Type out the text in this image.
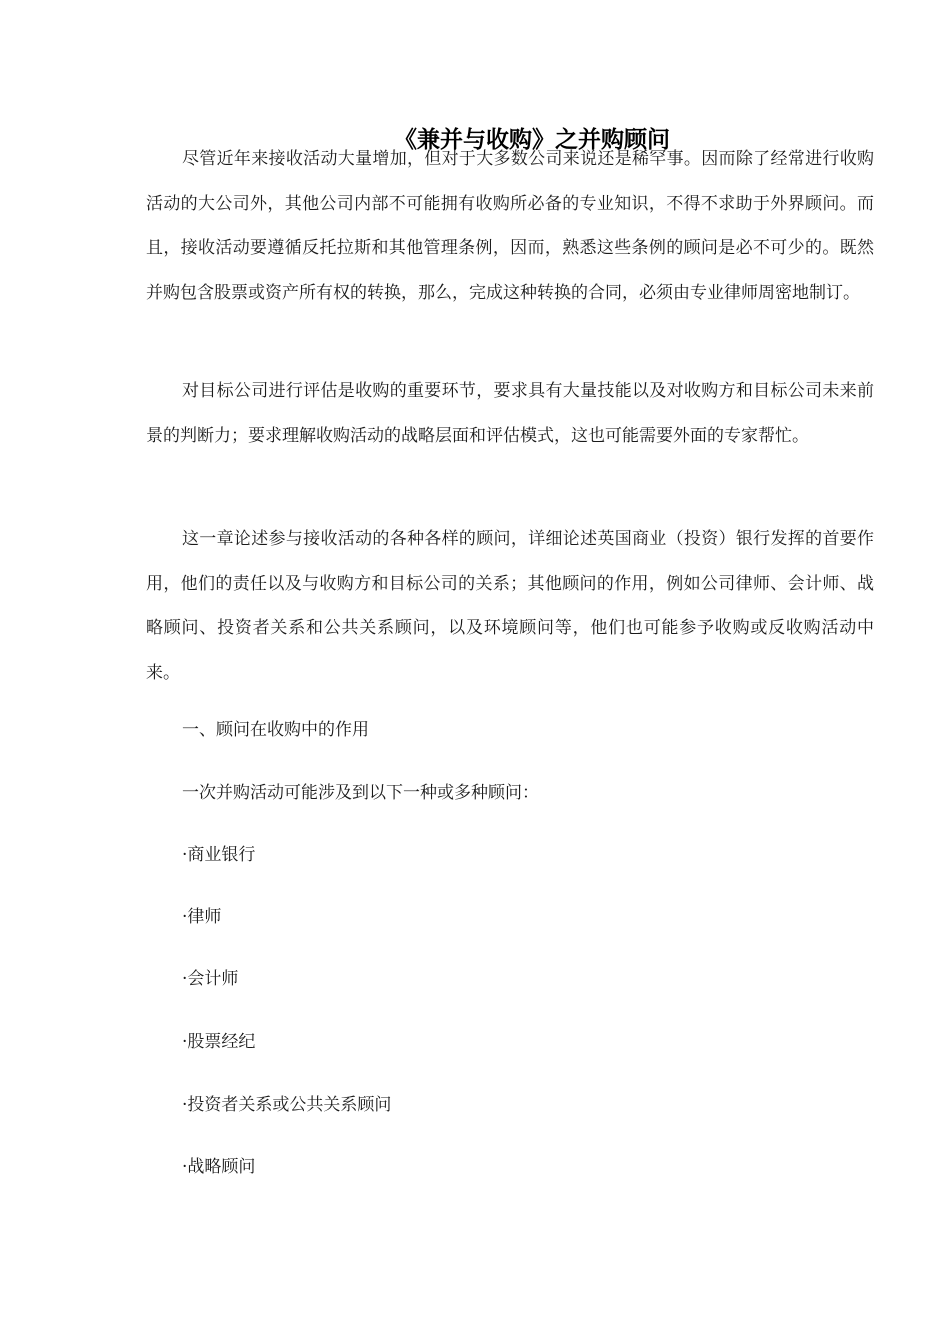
《兼并与收购》之并购顾问

尽管近年来接收活动大量增加，但对于大多数公司来说还是稀罕事。因而除了经常进行收购活动的大公司外，其他公司内部不可能拥有收购所必备的专业知识，不得不求助于外界顾问。而且，接收活动要遵循反托拉斯和其他管理条例，因而，熟悉这些条例的顾问是必不可少的。既然并购包含股票或资产所有权的转换，那么，完成这种转换的合同，必须由专业律师周密地制订。

对目标公司进行评估是收购的重要环节，要求具有大量技能以及对收购方和目标公司未来前景的判断力；要求理解收购活动的战略层面和评估模式，这也可能需要外面的专家帮忙。

这一章论述参与接收活动的各种各样的顾问，详细论述英国商业（投资）银行发挥的首要作用，他们的责任以及与收购方和目标公司的关系；其他顾问的作用，例如公司律师、会计师、战略顾问、投资者关系和公共关系顾问，以及环境顾问等，他们也可能参予收购或反收购活动中来。

一、顾问在收购中的作用

一次并购活动可能涉及到以下一种或多种顾问：

·商业银行

·律师

·会计师

·股票经纪

·投资者关系或公共关系顾问

·战略顾问
